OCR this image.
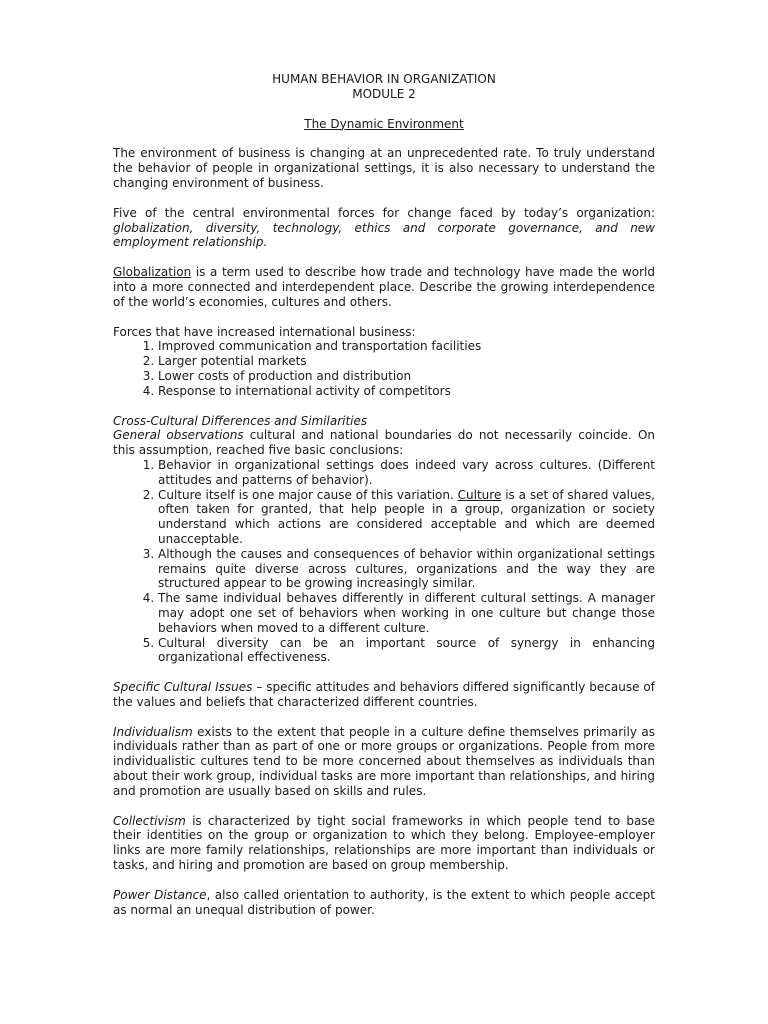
HUMAN BEHAVIOR IN ORGANIZATION

MODULE 2

The Dynamic Environment

The environment of business is changing at an unprecedented rate. To truly understand the behavior of people in organizational settings, it is also necessary to understand the changing environment of business.

Five of the central environmental forces for change faced by today’s organization: globalization, diversity, technology, ethics and corporate governance, and new employment relationship.

Globalization is a term used to describe how trade and technology have made the world into a more connected and interdependent place. Describe the growing interdependence of the world’s economies, cultures and others.

Forces that have increased international business:

1. Improved communication and transportation facilities
2. Larger potential markets
3. Lower costs of production and distribution
4. Response to international activity of competitors

Cross-Cultural Differences and Similarities

General observations cultural and national boundaries do not necessarily coincide. On this assumption, reached five basic conclusions:

1. Behavior in organizational settings does indeed vary across cultures. (Different attitudes and patterns of behavior).
2. Culture itself is one major cause of this variation. Culture is a set of shared values, often taken for granted, that help people in a group, organization or society understand which actions are considered acceptable and which are deemed unacceptable.
3. Although the causes and consequences of behavior within organizational settings remains quite diverse across cultures, organizations and the way they are structured appear to be growing increasingly similar.
4. The same individual behaves differently in different cultural settings. A manager may adopt one set of behaviors when working in one culture but change those behaviors when moved to a different culture.
5. Cultural diversity can be an important source of synergy in enhancing organizational effectiveness.

Specific Cultural Issues – specific attitudes and behaviors differed significantly because of the values and beliefs that characterized different countries.

Individualism exists to the extent that people in a culture define themselves primarily as individuals rather than as part of one or more groups or organizations. People from more individualistic cultures tend to be more concerned about themselves as individuals than about their work group, individual tasks are more important than relationships, and hiring and promotion are usually based on skills and rules.

Collectivism is characterized by tight social frameworks in which people tend to base their identities on the group or organization to which they belong. Employee-employer links are more family relationships, relationships are more important than individuals or tasks, and hiring and promotion are based on group membership.

Power Distance, also called orientation to authority, is the extent to which people accept as normal an unequal distribution of power.
